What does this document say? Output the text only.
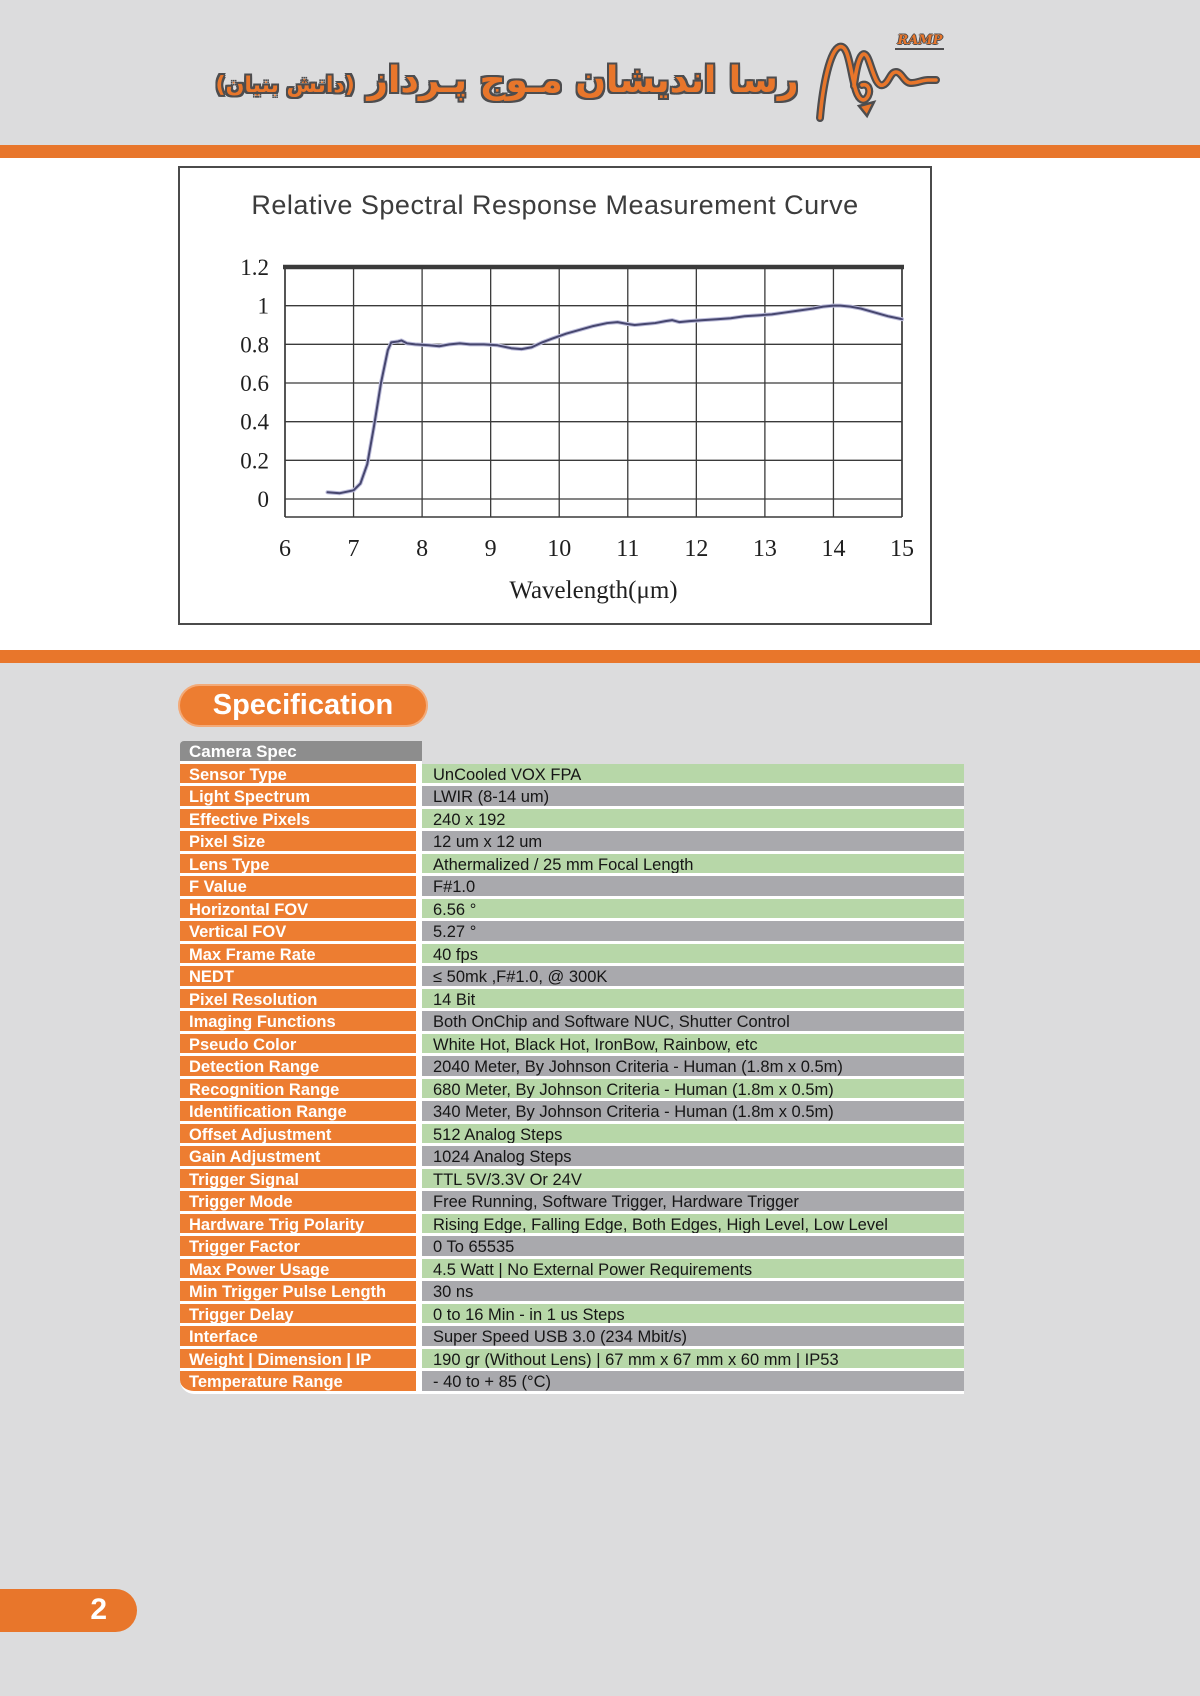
رسا اندیشان مـوج پـرداز (دانش بنیان)
RAMP
0
0.2
0.4
0.6
0.8
1
1.2
6 7 8 9 10 11 12 13 14 15
Wavelength(μm)
Relative Spectral Response Measurement Curve
Specification
Camera Spec
Sensor Type	UnCooled VOX FPA
Light Spectrum	LWIR (8-14 um)
Effective Pixels	240 x 192
Pixel Size	12 um x 12 um
Lens Type	Athermalized / 25 mm Focal Length
F Value	F#1.0
Horizontal FOV	6.56 °
Vertical FOV	5.27 °
Max Frame Rate	40 fps
NEDT	≤ 50mk ,F#1.0, @ 300K
Pixel Resolution	14 Bit
Imaging Functions	Both OnChip and Software NUC, Shutter Control
Pseudo Color	White Hot, Black Hot, IronBow, Rainbow, etc
Detection Range	2040 Meter, By Johnson Criteria - Human (1.8m x 0.5m)
Recognition Range	680 Meter, By Johnson Criteria - Human (1.8m x 0.5m)
Identification Range	340 Meter, By Johnson Criteria - Human (1.8m x 0.5m)
Offset Adjustment	512 Analog Steps
Gain Adjustment	1024 Analog Steps
Trigger Signal	TTL 5V/3.3V Or 24V
Trigger Mode	Free Running, Software Trigger, Hardware Trigger
Hardware Trig Polarity	Rising Edge, Falling Edge, Both Edges, High Level, Low Level
Trigger Factor	0 To 65535
Max Power Usage	4.5 Watt | No External Power Requirements
Min Trigger Pulse Length	30 ns
Trigger Delay	0 to 16 Min - in 1 us Steps
Interface	Super Speed USB 3.0 (234 Mbit/s)
Weight | Dimension | IP	190 gr (Without Lens) | 67 mm x 67 mm x 60 mm | IP53
Temperature Range	- 40 to + 85 (°C)
2
